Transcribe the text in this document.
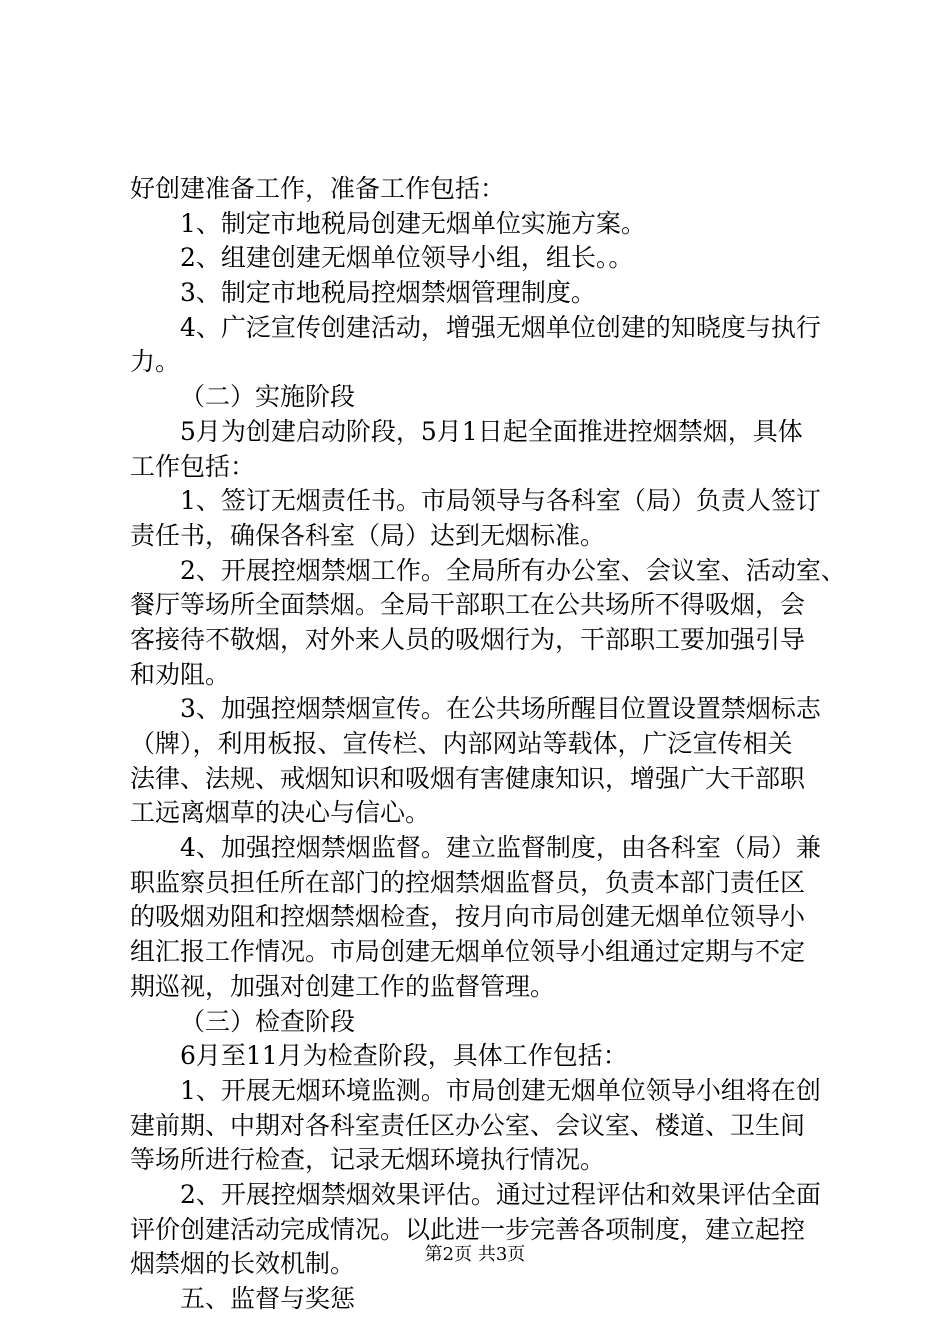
好创建准备工作，准备工作包括：
1、制定市地税局创建无烟单位实施方案。
2、组建创建无烟单位领导小组，组长。。
3、制定市地税局控烟禁烟管理制度。
4、广泛宣传创建活动，增强无烟单位创建的知晓度与执行
力。
（二）实施阶段
5月为创建启动阶段，5月1日起全面推进控烟禁烟，具体
工作包括：
1、签订无烟责任书。市局领导与各科室（局）负责人签订
责任书，确保各科室（局）达到无烟标准。
2、开展控烟禁烟工作。全局所有办公室、会议室、活动室、
餐厅等场所全面禁烟。全局干部职工在公共场所不得吸烟，会
客接待不敬烟，对外来人员的吸烟行为，干部职工要加强引导
和劝阻。
3、加强控烟禁烟宣传。在公共场所醒目位置设置禁烟标志
（牌），利用板报、宣传栏、内部网站等载体，广泛宣传相关
法律、法规、戒烟知识和吸烟有害健康知识，增强广大干部职
工远离烟草的决心与信心。
4、加强控烟禁烟监督。建立监督制度，由各科室（局）兼
职监察员担任所在部门的控烟禁烟监督员，负责本部门责任区
的吸烟劝阻和控烟禁烟检查，按月向市局创建无烟单位领导小
组汇报工作情况。市局创建无烟单位领导小组通过定期与不定
期巡视，加强对创建工作的监督管理。
（三）检查阶段
6月至11月为检查阶段，具体工作包括：
1、开展无烟环境监测。市局创建无烟单位领导小组将在创
建前期、中期对各科室责任区办公室、会议室、楼道、卫生间
等场所进行检查，记录无烟环境执行情况。
2、开展控烟禁烟效果评估。通过过程评估和效果评估全面
评价创建活动完成情况。以此进一步完善各项制度，建立起控
烟禁烟的长效机制。
五、监督与奖惩
第2页 共3页
